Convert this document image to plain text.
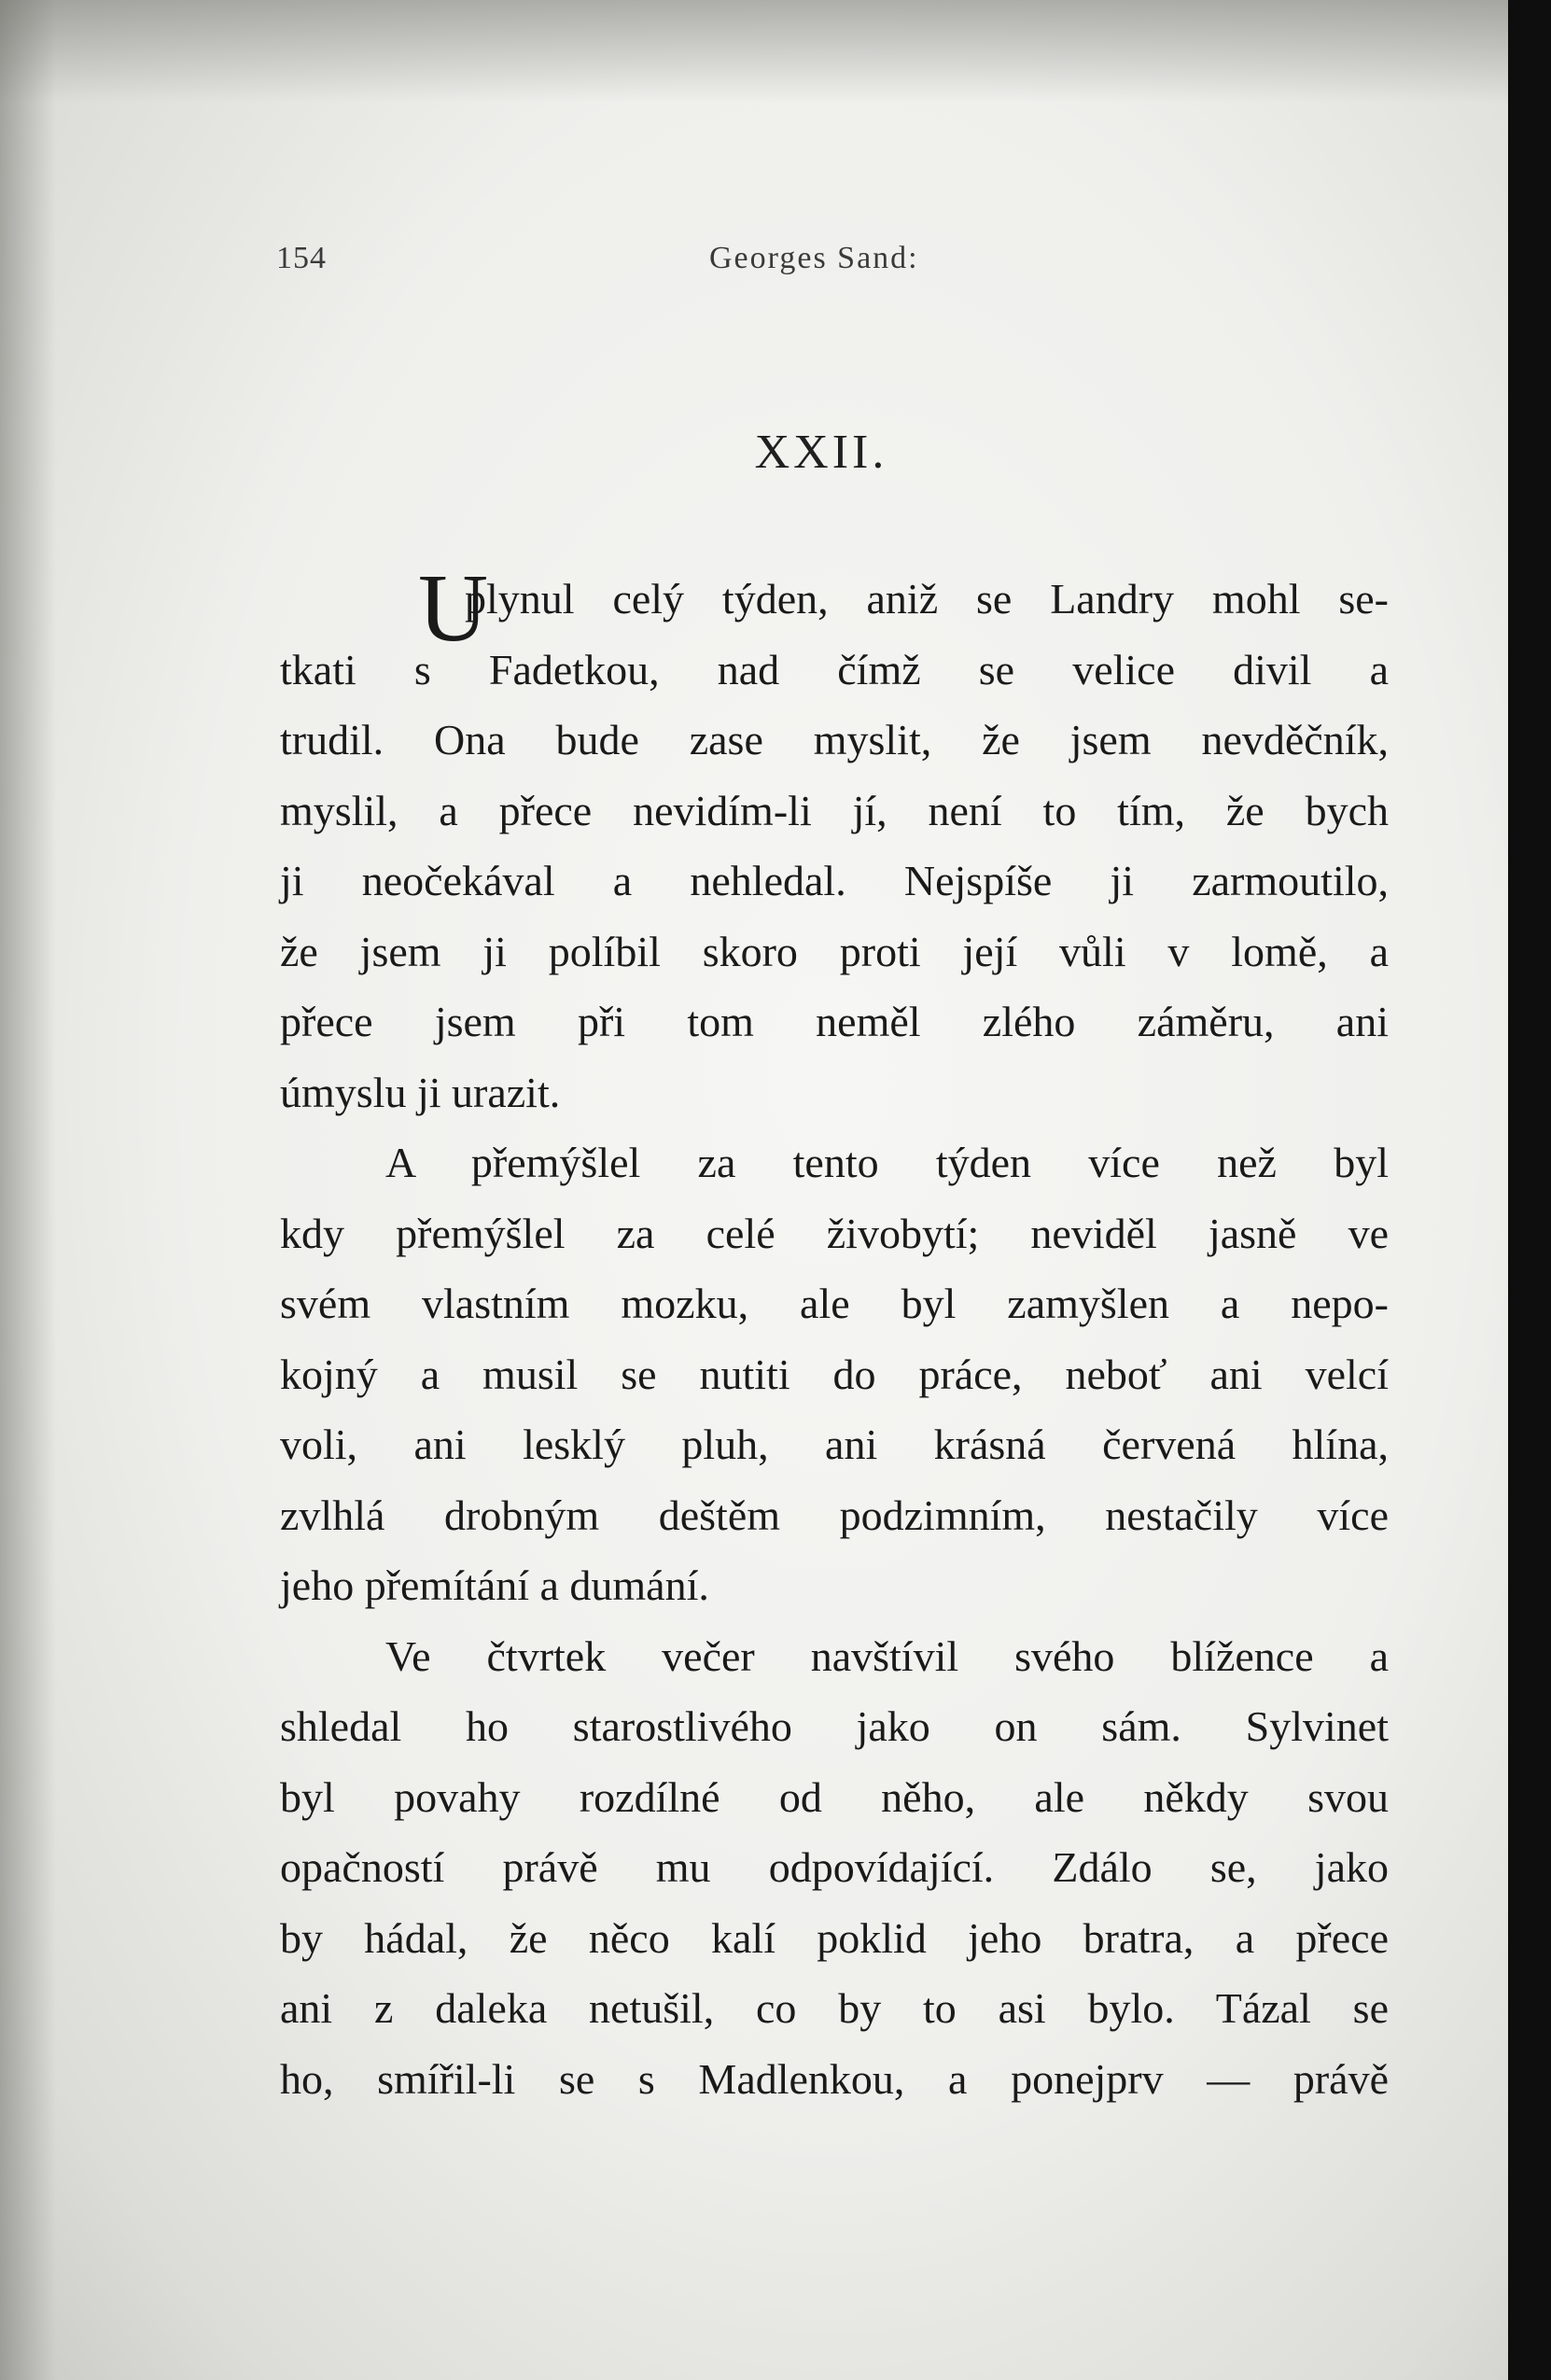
154	Georges Sand:
XXII.
U
plynul celý týden, aniž se Landry mohl se-
tkati s Fadetkou, nad čímž se velice divil a
trudil. Ona bude zase myslit, že jsem nevděčník,
myslil, a přece nevidím-li jí, není to tím, že bych
ji neočekával a nehledal. Nejspíše ji zarmoutilo,
že jsem ji políbil skoro proti její vůli v lomě, a
přece jsem při tom neměl zlého záměru, ani
úmyslu ji urazit.
A přemýšlel za tento týden více než byl
kdy přemýšlel za celé živobytí; neviděl jasně ve
svém vlastním mozku, ale byl zamyšlen a nepo-
kojný a musil se nutiti do práce, neboť ani velcí
voli, ani lesklý pluh, ani krásná červená hlína,
zvlhlá drobným deštěm podzimním, nestačily více
jeho přemítání a dumání.
Ve čtvrtek večer navštívil svého blížence a
shledal ho starostlivého jako on sám. Sylvinet
byl povahy rozdílné od něho, ale někdy svou
opačností právě mu odpovídající. Zdálo se, jako
by hádal, že něco kalí poklid jeho bratra, a přece
ani z daleka netušil, co by to asi bylo. Tázal se
ho, smířil-li se s Madlenkou, a ponejprv — právě
